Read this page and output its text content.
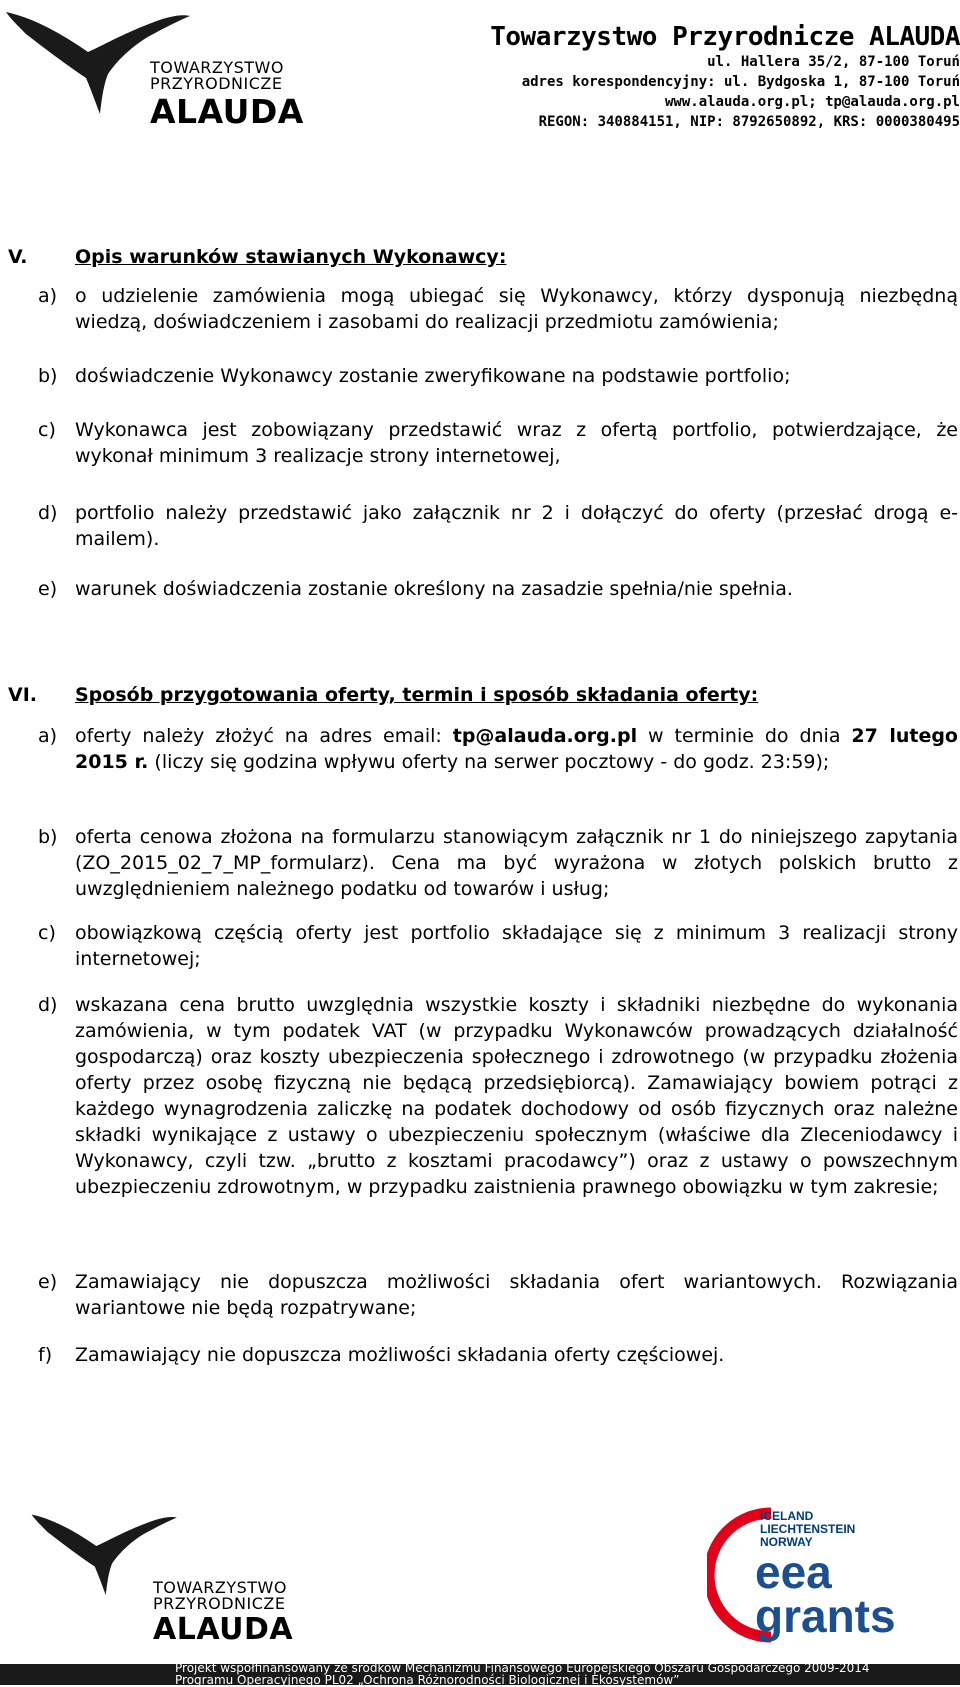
TOWARZYSTWO
PRZYRODNICZE
ALAUDA
Towarzystwo Przyrodnicze ALAUDA
ul. Hallera 35/2, 87-100 Toruń
adres korespondencyjny: ul. Bydgoska 1, 87-100 Toruń
www.alauda.org.pl; tp@alauda.org.pl
REGON: 340884151, NIP: 8792650892, KRS: 0000380495
V.	Opis warunków stawianych Wykonawcy:
a) o udzielenie zamówienia mogą ubiegać się Wykonawcy, którzy dysponują niezbędną wiedzą, doświadczeniem i zasobami do realizacji przedmiotu zamówienia;
b) doświadczenie Wykonawcy zostanie zweryfikowane na podstawie portfolio;
c) Wykonawca jest zobowiązany przedstawić wraz z ofertą portfolio, potwierdzające, że wykonał minimum 3 realizacje strony internetowej,
d) portfolio należy przedstawić jako załącznik nr 2 i dołączyć do oferty (przesłać drogą e-mailem).
e) warunek doświadczenia zostanie określony na zasadzie spełnia/nie spełnia.
VI. Sposób przygotowania oferty, termin i sposób składania oferty:
a) oferty należy złożyć na adres email: tp@alauda.org.pl w terminie do dnia 27 lutego 2015 r. (liczy się godzina wpływu oferty na serwer pocztowy - do godz. 23:59);
b) oferta cenowa złożona na formularzu stanowiącym załącznik nr 1 do niniejszego zapytania (ZO_2015_02_7_MP_formularz). Cena ma być wyrażona w złotych polskich brutto z uwzględnieniem należnego podatku od towarów i usług;
c) obowiązkową częścią oferty jest portfolio składające się z minimum 3 realizacji strony internetowej;
d) wskazana cena brutto uwzględnia wszystkie koszty i składniki niezbędne do wykonania zamówienia, w tym podatek VAT (w przypadku Wykonawców prowadzących działalność gospodarczą) oraz koszty ubezpieczenia społecznego i zdrowotnego (w przypadku złożenia oferty przez osobę fizyczną nie będącą przedsiębiorcą). Zamawiający bowiem potrąci z każdego wynagrodzenia zaliczkę na podatek dochodowy od osób fizycznych oraz należne składki wynikające z ustawy o ubezpieczeniu społecznym (właściwe dla Zleceniodawcy i Wykonawcy, czyli tzw. „brutto z kosztami pracodawcy”) oraz z ustawy o powszechnym ubezpieczeniu zdrowotnym, w przypadku zaistnienia prawnego obowiązku w tym zakresie;
e) Zamawiający nie dopuszcza możliwości składania ofert wariantowych. Rozwiązania wariantowe nie będą rozpatrywane;
f) Zamawiający nie dopuszcza możliwości składania oferty częściowej.
TOWARZYSTWO
PRZYRODNICZE
ALAUDA
ICELAND
LIECHTENSTEIN
NORWAY
eea
grants
Projekt współfinansowany ze środków Mechanizmu Finansowego Europejskiego Obszaru Gospodarczego 2009-2014
Programu Operacyjnego PL02 „Ochrona Różnorodności Biologicznej i Ekosystemów”
